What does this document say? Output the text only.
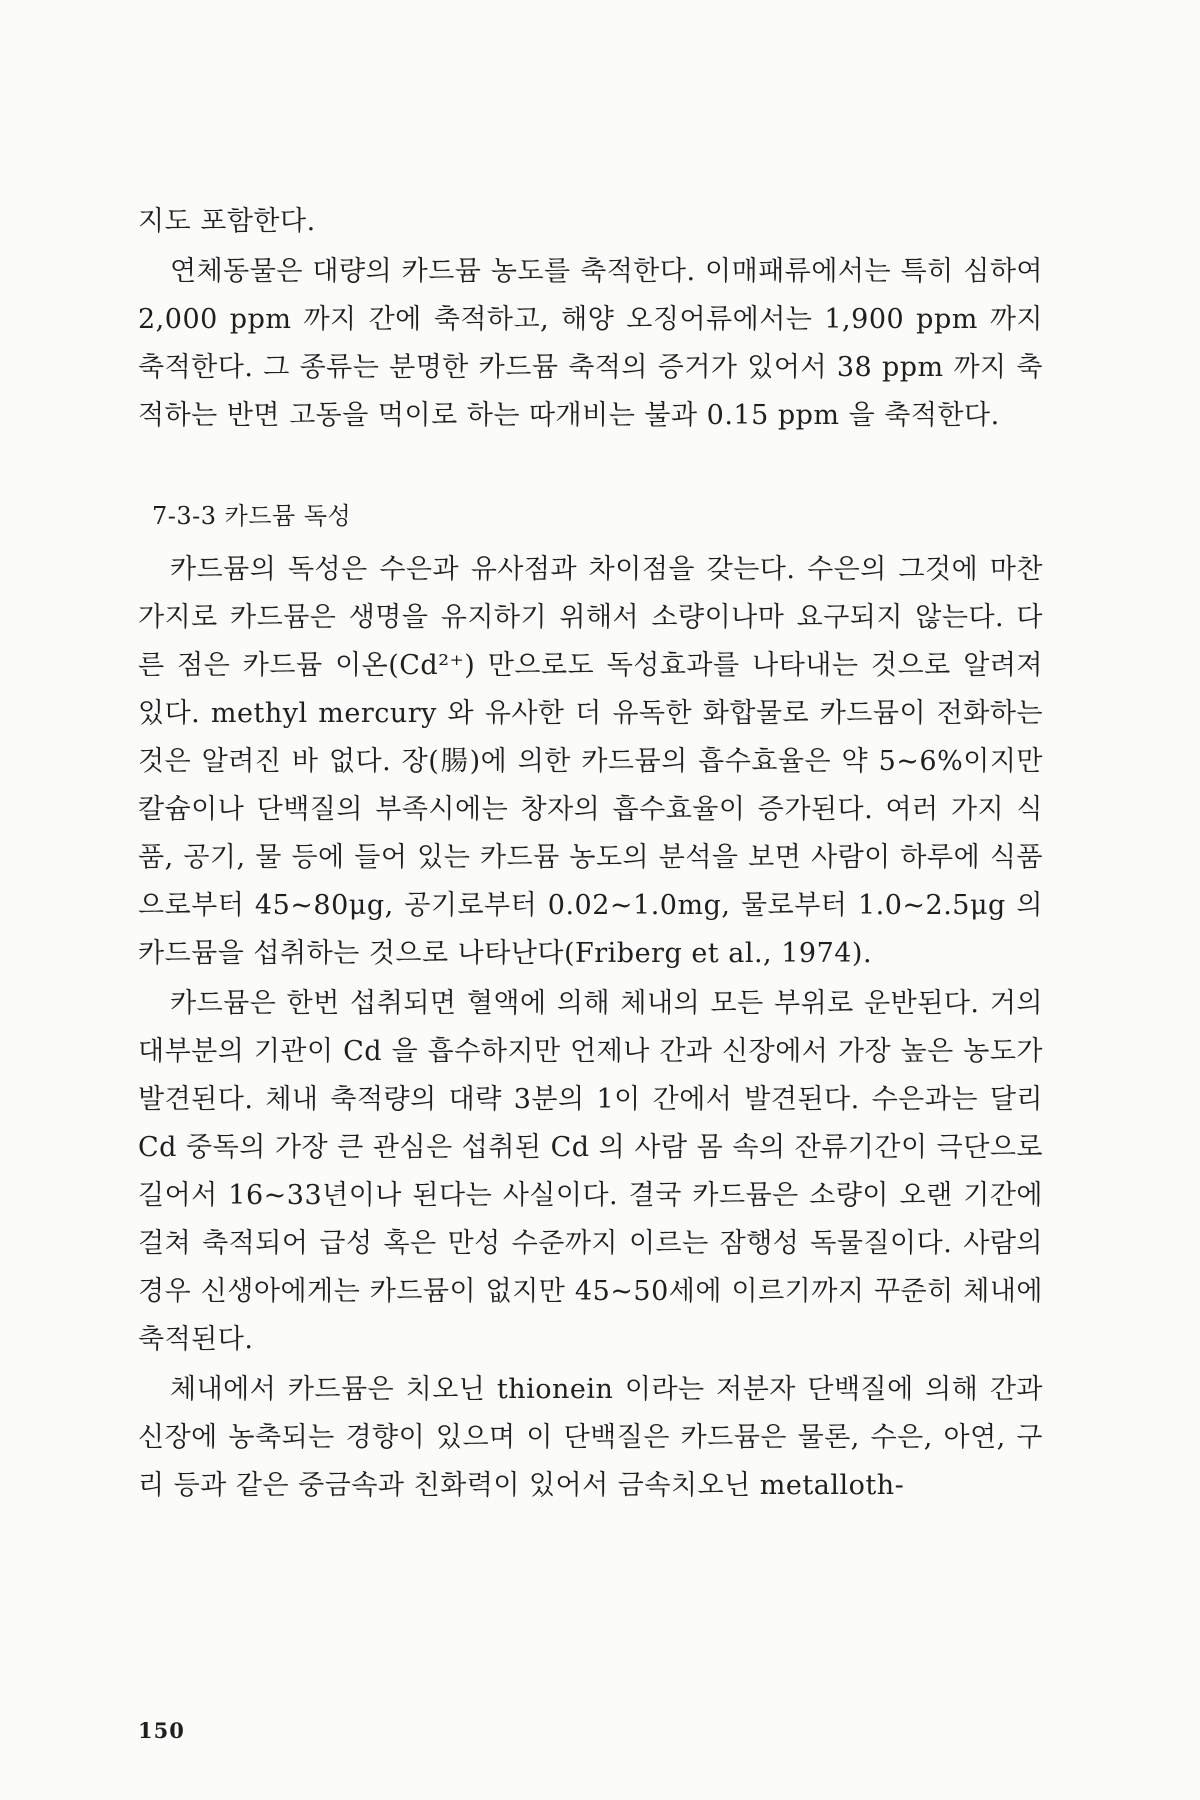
지도 포함한다.

연체동물은 대량의 카드뮴 농도를 축적한다. 이매패류에서는 특히 심하여 2,000 ppm 까지 간에 축적하고, 해양 오징어류에서는 1,900 ppm 까지 축적한다. 그 종류는 분명한 카드뮴 축적의 증거가 있어서 38 ppm 까지 축적하는 반면 고동을 먹이로 하는 따개비는 불과 0.15 ppm 을 축적한다.

7-3-3 카드뮴 독성

카드뮴의 독성은 수은과 유사점과 차이점을 갖는다. 수은의 그것에 마찬가지로 카드뮴은 생명을 유지하기 위해서 소량이나마 요구되지 않는다. 다른 점은 카드뮴 이온(Cd²⁺) 만으로도 독성효과를 나타내는 것으로 알려져 있다. methyl mercury 와 유사한 더 유독한 화합물로 카드뮴이 전화하는 것은 알려진 바 없다. 장(腸)에 의한 카드뮴의 흡수효율은 약 5~6%이지만 칼슘이나 단백질의 부족시에는 창자의 흡수효율이 증가된다. 여러 가지 식품, 공기, 물 등에 들어 있는 카드뮴 농도의 분석을 보면 사람이 하루에 식품으로부터 45~80μg, 공기로부터 0.02~1.0mg, 물로부터 1.0~2.5μg 의 카드뮴을 섭취하는 것으로 나타난다(Friberg et al., 1974).

카드뮴은 한번 섭취되면 혈액에 의해 체내의 모든 부위로 운반된다. 거의 대부분의 기관이 Cd 을 흡수하지만 언제나 간과 신장에서 가장 높은 농도가 발견된다. 체내 축적량의 대략 3분의 1이 간에서 발견된다. 수은과는 달리 Cd 중독의 가장 큰 관심은 섭취된 Cd 의 사람 몸 속의 잔류기간이 극단으로 길어서 16~33년이나 된다는 사실이다. 결국 카드뮴은 소량이 오랜 기간에 걸쳐 축적되어 급성 혹은 만성 수준까지 이르는 잠행성 독물질이다. 사람의 경우 신생아에게는 카드뮴이 없지만 45~50세에 이르기까지 꾸준히 체내에 축적된다.

체내에서 카드뮴은 치오닌 thionein 이라는 저분자 단백질에 의해 간과 신장에 농축되는 경향이 있으며 이 단백질은 카드뮴은 물론, 수은, 아연, 구리 등과 같은 중금속과 친화력이 있어서 금속치오닌 metalloth-

150
